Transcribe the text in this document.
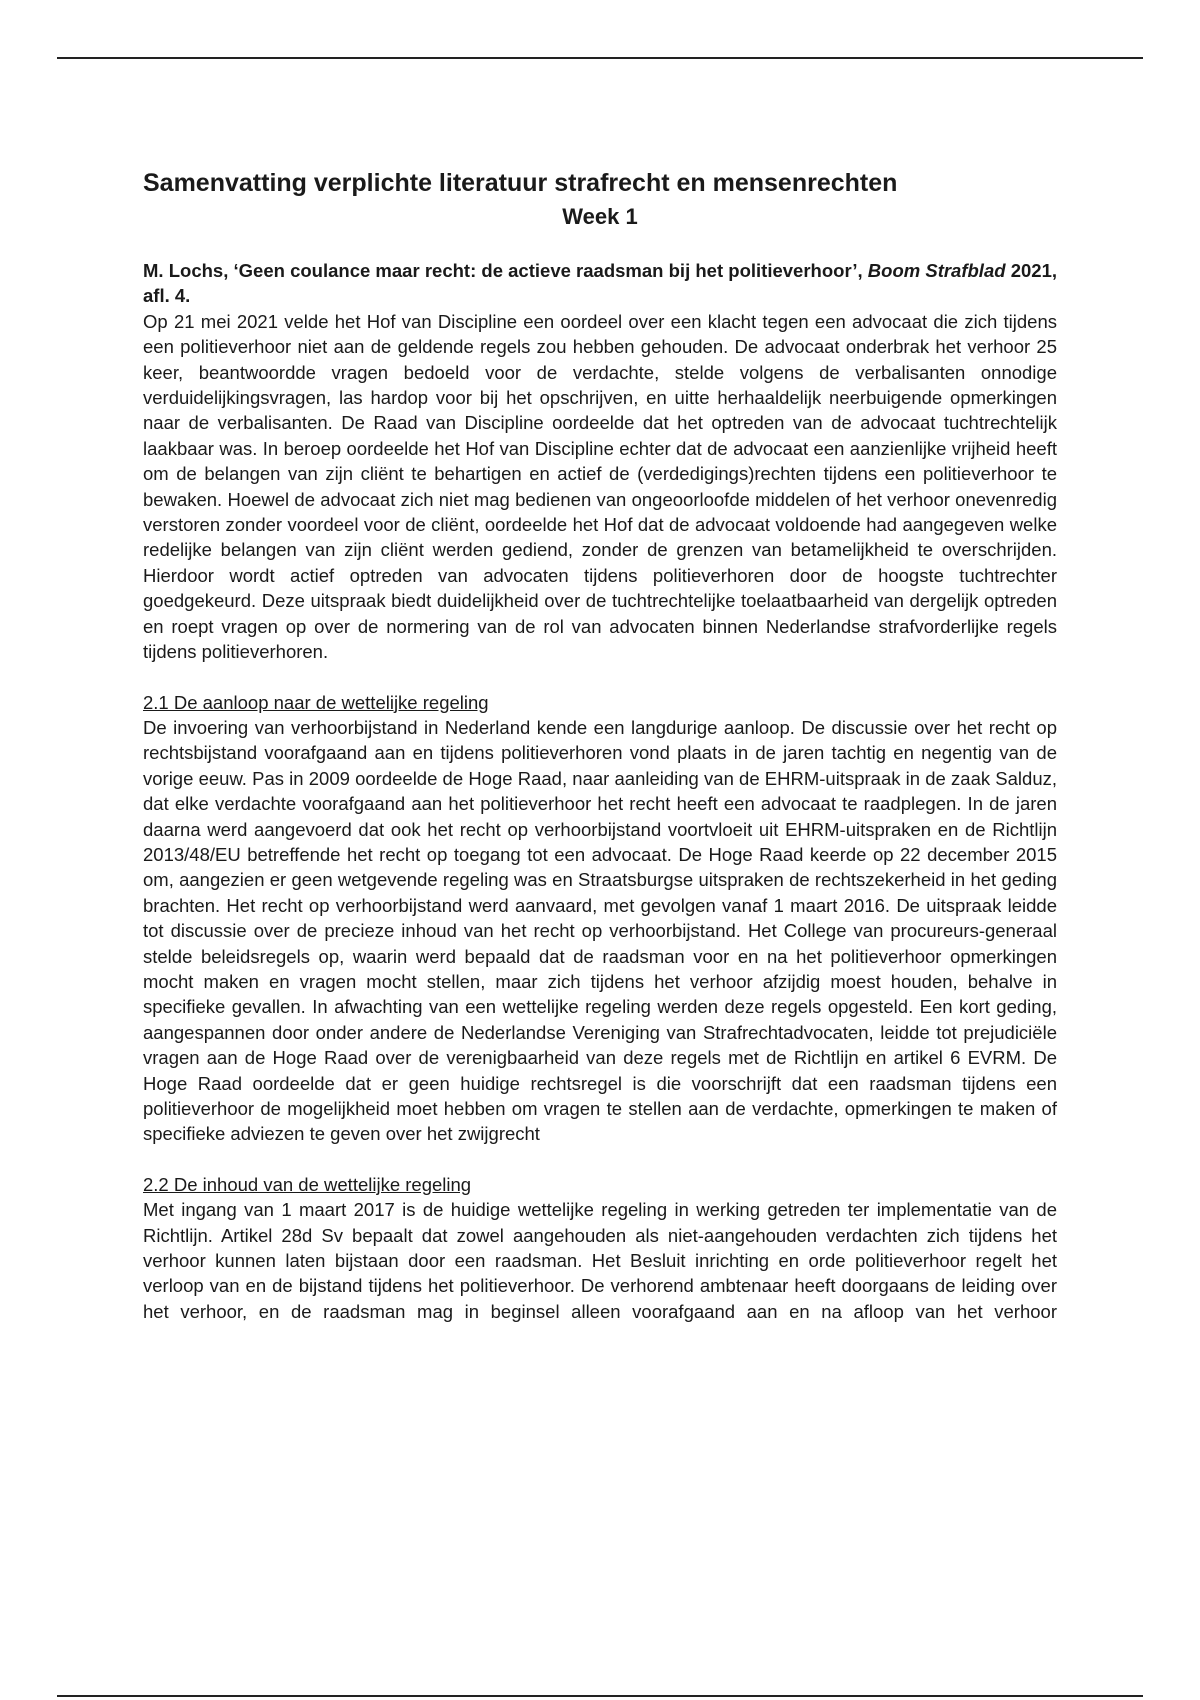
Samenvatting verplichte literatuur strafrecht en mensenrechten
Week 1
M. Lochs, ‘Geen coulance maar recht: de actieve raadsman bij het politieverhoor’, Boom Strafblad 2021, afl. 4.

Op 21 mei 2021 velde het Hof van Discipline een oordeel over een klacht tegen een advocaat die zich tijdens een politieverhoor niet aan de geldende regels zou hebben gehouden. De advocaat onderbrak het verhoor 25 keer, beantwoordde vragen bedoeld voor de verdachte, stelde volgens de verbalisanten onnodige verduidelijkingsvragen, las hardop voor bij het opschrijven, en uitte herhaaldelijk neerbuigende opmerkingen naar de verbalisanten. De Raad van Discipline oordeelde dat het optreden van de advocaat tuchtrechtelijk laakbaar was. In beroep oordeelde het Hof van Discipline echter dat de advocaat een aanzienlijke vrijheid heeft om de belangen van zijn cliënt te behartigen en actief de (verdedigings)rechten tijdens een politieverhoor te bewaken. Hoewel de advocaat zich niet mag bedienen van ongeoorloofde middelen of het verhoor onevenredig verstoren zonder voordeel voor de cliënt, oordeelde het Hof dat de advocaat voldoende had aangegeven welke redelijke belangen van zijn cliënt werden gediend, zonder de grenzen van betamelijkheid te overschrijden. Hierdoor wordt actief optreden van advocaten tijdens politieverhoren door de hoogste tuchtrechter goedgekeurd. Deze uitspraak biedt duidelijkheid over de tuchtrechtelijke toelaatbaarheid van dergelijk optreden en roept vragen op over de normering van de rol van advocaten binnen Nederlandse strafvorderlijke regels tijdens politieverhoren.

2.1 De aanloop naar de wettelijke regeling

De invoering van verhoorbijstand in Nederland kende een langdurige aanloop. De discussie over het recht op rechtsbijstand voorafgaand aan en tijdens politieverhoren vond plaats in de jaren tachtig en negentig van de vorige eeuw. Pas in 2009 oordeelde de Hoge Raad, naar aanleiding van de EHRM-uitspraak in de zaak Salduz, dat elke verdachte voorafgaand aan het politieverhoor het recht heeft een advocaat te raadplegen. In de jaren daarna werd aangevoerd dat ook het recht op verhoorbijstand voortvloeit uit EHRM-uitspraken en de Richtlijn 2013/48/EU betreffende het recht op toegang tot een advocaat. De Hoge Raad keerde op 22 december 2015 om, aangezien er geen wetgevende regeling was en Straatsburgse uitspraken de rechtszekerheid in het geding brachten. Het recht op verhoorbijstand werd aanvaard, met gevolgen vanaf 1 maart 2016. De uitspraak leidde tot discussie over de precieze inhoud van het recht op verhoorbijstand. Het College van procureurs-generaal stelde beleidsregels op, waarin werd bepaald dat de raadsman voor en na het politieverhoor opmerkingen mocht maken en vragen mocht stellen, maar zich tijdens het verhoor afzijdig moest houden, behalve in specifieke gevallen. In afwachting van een wettelijke regeling werden deze regels opgesteld. Een kort geding, aangespannen door onder andere de Nederlandse Vereniging van Strafrechtadvocaten, leidde tot prejudiciële vragen aan de Hoge Raad over de verenigbaarheid van deze regels met de Richtlijn en artikel 6 EVRM. De Hoge Raad oordeelde dat er geen huidige rechtsregel is die voorschrijft dat een raadsman tijdens een politieverhoor de mogelijkheid moet hebben om vragen te stellen aan de verdachte, opmerkingen te maken of specifieke adviezen te geven over het zwijgrecht

2.2 De inhoud van de wettelijke regeling

Met ingang van 1 maart 2017 is de huidige wettelijke regeling in werking getreden ter implementatie van de Richtlijn. Artikel 28d Sv bepaalt dat zowel aangehouden als niet-aangehouden verdachten zich tijdens het verhoor kunnen laten bijstaan door een raadsman. Het Besluit inrichting en orde politieverhoor regelt het verloop van en de bijstand tijdens het politieverhoor. De verhorend ambtenaar heeft doorgaans de leiding over het verhoor, en de raadsman mag in beginsel alleen voorafgaand aan en na afloop van het verhoor
